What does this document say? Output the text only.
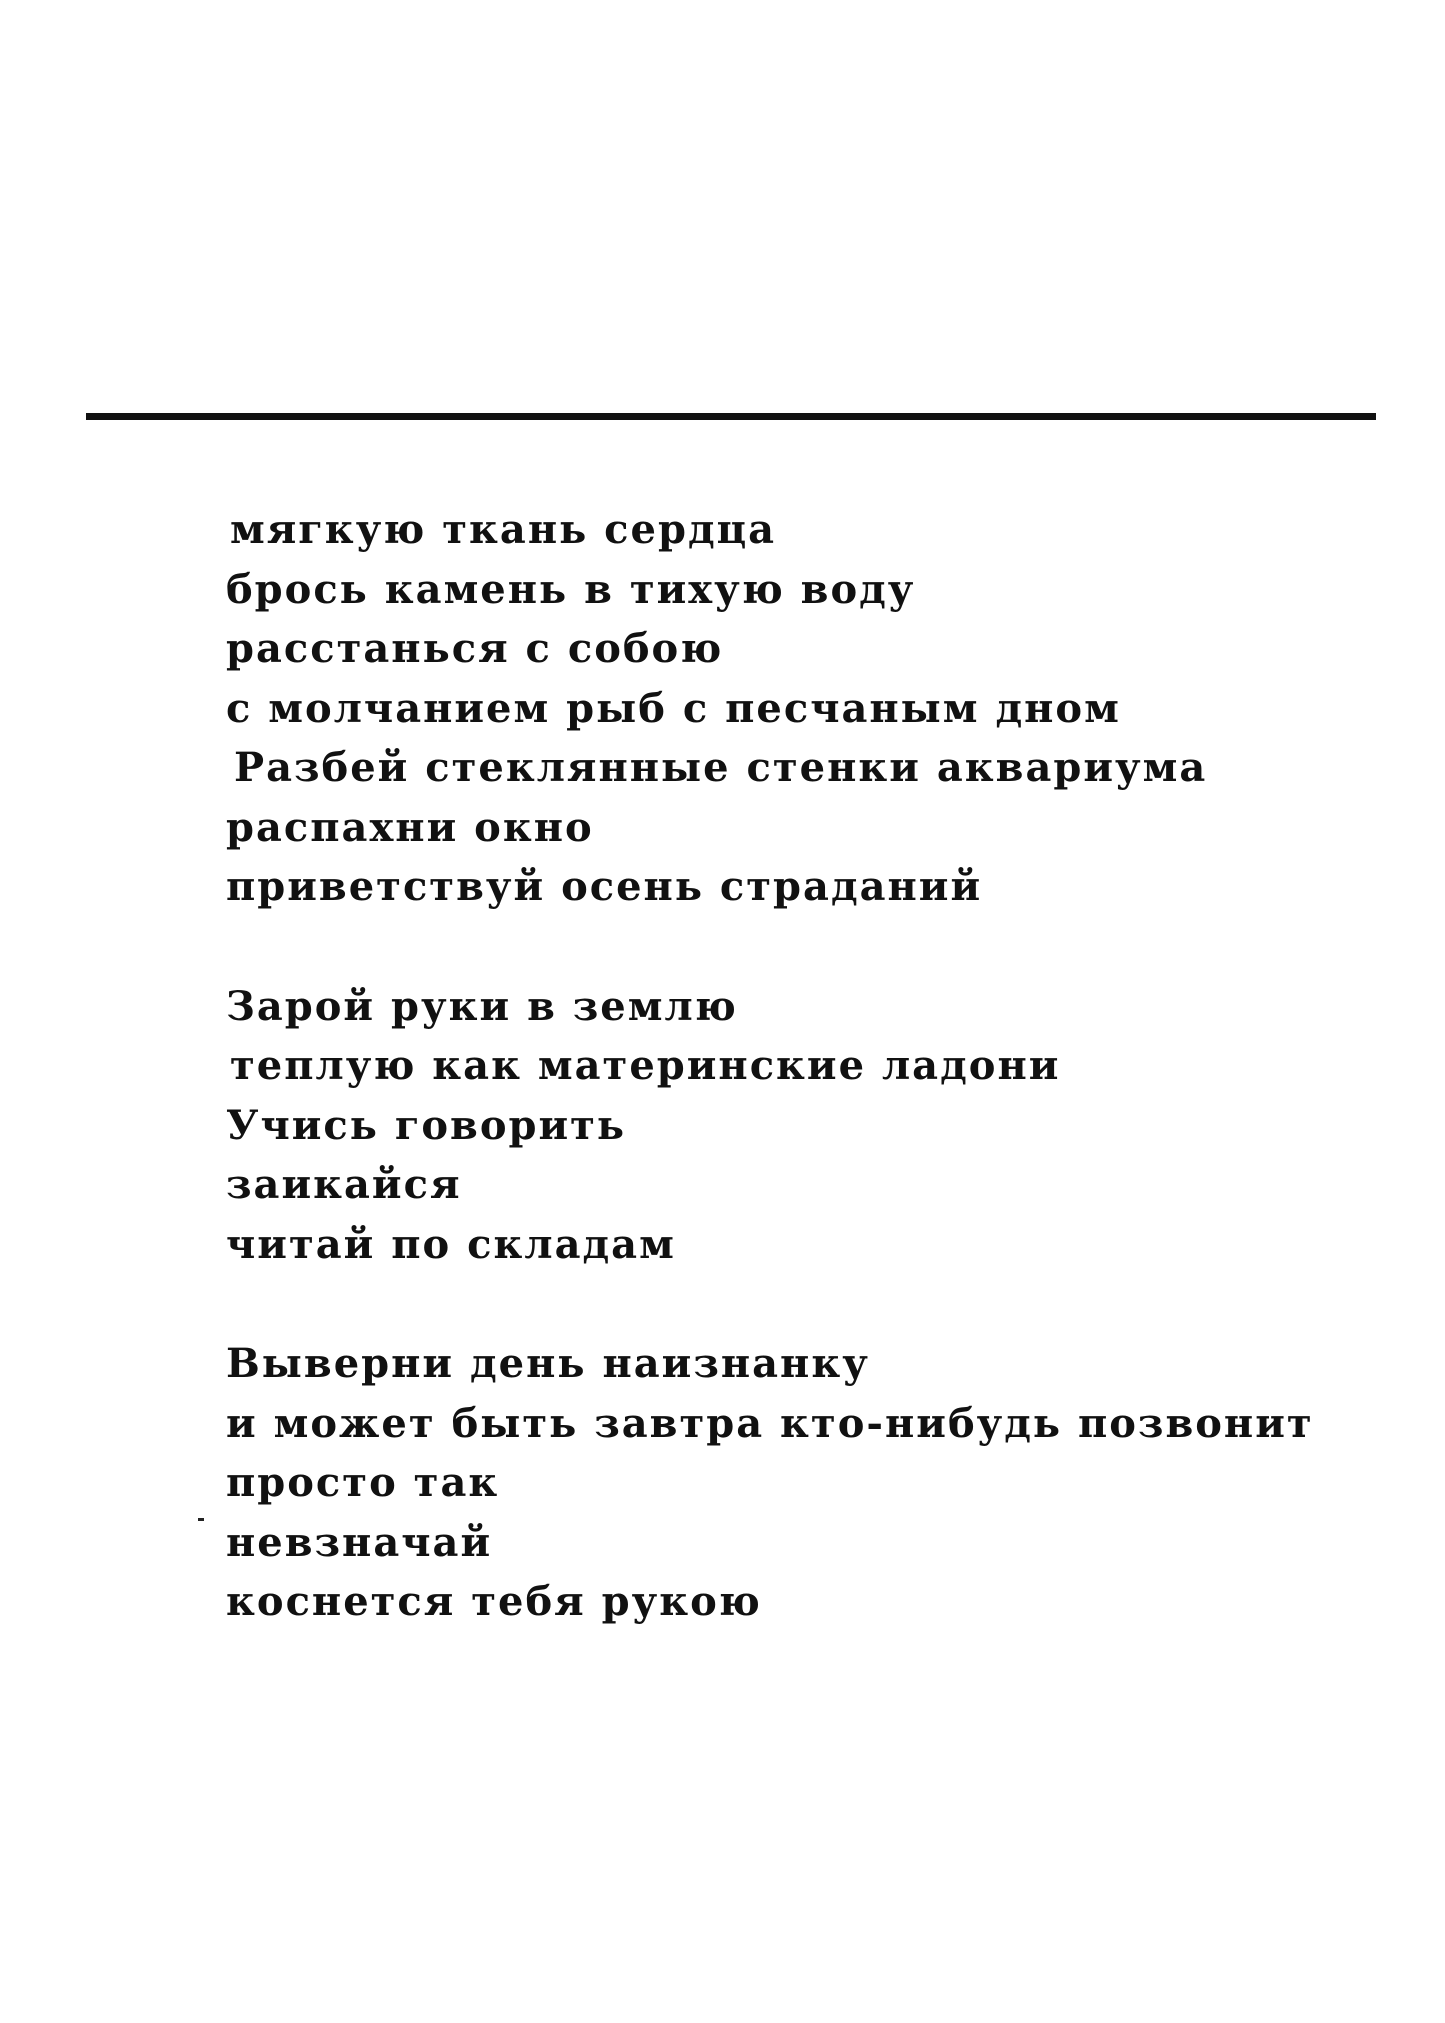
мягкую ткань сердца
брось камень в тихую воду
расстанься с собою
с молчанием рыб с песчаным дном
Разбей стеклянные стенки аквариума
распахни окно
приветствуй осень страданий
Зарой руки в землю
теплую как материнские ладони
Учись говорить
заикайся
читай по складам
Выверни день наизнанку
и может быть завтра кто-нибудь позвонит
просто так
невзначай
коснется тебя рукою
